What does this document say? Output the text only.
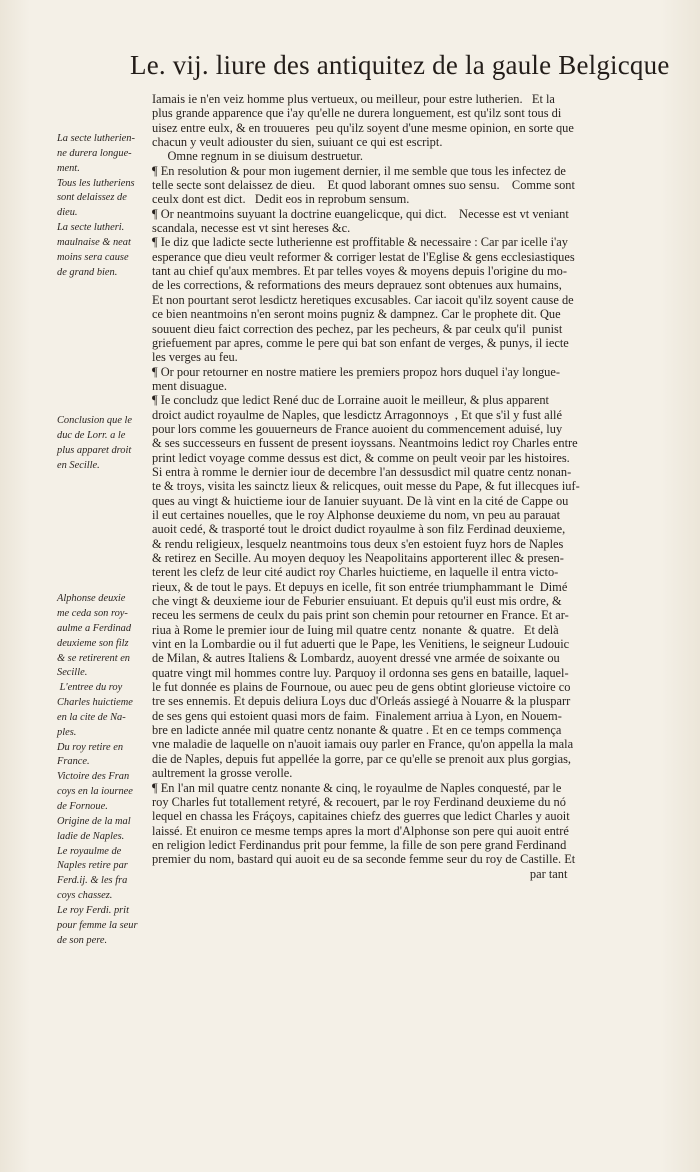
Le. vij. liure des antiquitez de la gaule Belgicque
La secte lutherien-
ne durera longue-
ment.
Tous les lutheriens
sont delaissez de
dieu.
La secte lutheri.
maulnaise & neat
moins sera cause
de grand bien.

Conclusion que le
duc de Lorr. a le
plus apparet droit
en Secille.

Alphonse deuxie
me ceda son roy-
aulme a Ferdinad
deuxieme son filz
& se retirerent en
Secille.
L'entree du roy
Charles huictieme
en la cite de Na-
ples.
Du roy retire en
France.
Victoire des Fran
coys en la iournee
de Fornoue.
Origine de la mal
ladie de Naples.
Le royaulme de
Naples retire par
Ferd.ij. & les fra
coys chassez.
Le roy Ferdi. prit
pour femme la seur
de son pere.
Iamais ie n'en veiz homme plus vertueux, ou meilleur, pour estre lutherien.   Et la
plus grande apparence que i'ay qu'elle ne durera longuement, est qu'ilz sont tous di
uisez entre eulx, & en trouueres  peu qu'ilz soyent d'une mesme opinion, en sorte que
chacun y veult adiouster du sien, suiuant ce qui est escript.
Omne regnum in se diuisum destruetur.
¶ En resolution & pour mon iugement dernier, il me semble que tous les infectez de
telle secte sont delaissez de dieu.    Et quod laborant omnes suo sensu.    Comme sont
ceulx dont est dict.   Dedit eos in reprobum sensum.
¶ Or neantmoins suyuant la doctrine euangelicque, qui dict.    Necesse est vt veniant
scandala, necesse est vt sint hereses &c.
¶ Ie diz que ladicte secte lutherienne est proffitable & necessaire : Car par icelle i'ay
esperance que dieu veult reformer & corriger lestat de l'Eglise & gens ecclesiastiques
tant au chief qu'aux membres. Et par telles voyes & moyens depuis l'origine du mo-
de les corrections, & reformations des meurs deprauez sont obtenues aux humains,
Et non pourtant serot lesdictz heretiques excusables. Car iacoit qu'ilz soyent cause de
ce bien neantmoins n'en seront moins pugniz & dampnez. Car le prophete dit. Que
souuent dieu faict correction des pechez, par les pecheurs, & par ceulx qu'il  punist
griefuement par apres, comme le pere qui bat son enfant de verges, & punys, il iecte
les verges au feu.
¶ Or pour retourner en nostre matiere les premiers propoz hors duquel i'ay longue-
ment disuague.
¶ Ie concludz que ledict René duc de Lorraine auoit le meilleur, & plus apparent
droict audict royaulme de Naples, que lesdictz Arragonnoys  , Et que s'il y fust allé
pour lors comme les gouuerneurs de France auoient du commencement aduisé, luy
& ses successeurs en fussent de present ioyssans. Neantmoins ledict roy Charles entre
print ledict voyage comme dessus est dict, & comme on peult veoir par les histoires.
Si entra à romme le dernier iour de decembre l'an dessusdict mil quatre centz nonan-
te & troys, visita les sainctz lieux & relicques, ouit messe du Pape, & fut illecques iuf-
ques au vingt & huictieme iour de Ianuier suyuant. De là vint en la cité de Cappe ou
il eut certaines nouelles, que le roy Alphonse deuxieme du nom, vn peu au parauat
auoit cedé, & trasporté tout le droict dudict royaulme à son filz Ferdinad deuxieme,
& rendu religieux, lesquelz neantmoins tous deux s'en estoient fuyz hors de Naples
& retirez en Secille. Au moyen dequoy les Neapolitains apporterent illec & presen-
terent les clefz de leur cité audict roy Charles huictieme, en laquelle il entra victo-
rieux, & de tout le pays. Et depuys en icelle, fit son entrée triumphammant le  Dimé
che vingt & deuxieme iour de Feburier ensuiuant. Et depuis qu'il eust mis ordre, &
receu les sermens de ceulx du pais print son chemin pour retourner en France. Et ar-
riua à Rome le premier iour de Iuing mil quatre centz  nonante  & quatre.   Et delà
vint en la Lombardie ou il fut aduerti que le Pape, les Venitiens, le seigneur Ludouic
de Milan, & autres Italiens & Lombardz, auoyent dressé vne armée de soixante ou
quatre vingt mil hommes contre luy. Parquoy il ordonna ses gens en bataille, laquel-
le fut donnée es plains de Fournoue, ou auec peu de gens obtint glorieuse victoire co
tre ses ennemis. Et depuis deliura Loys duc d'Orleás assiegé à Nouarre & la plusparr
de ses gens qui estoient quasi mors de faim.  Finalement arriua à Lyon, en Nouem-
bre en ladicte année mil quatre centz nonante & quatre . Et en ce temps commença
vne maladie de laquelle on n'auoit iamais ouy parler en France, qu'on appella la mala
die de Naples, depuis fut appellée la gorre, par ce qu'elle se prenoit aux plus gorgias,
aultrement la grosse verolle.
¶ En l'an mil quatre centz nonante & cinq, le royaulme de Naples conquesté, par le
roy Charles fut totallement retyré, & recouert, par le roy Ferdinand deuxieme du nó
lequel en chassa les Fráçoys, capitaines chiefz des guerres que ledict Charles y auoit
laissé. Et enuiron ce mesme temps apres la mort d'Alphonse son pere qui auoit entré
en religion ledict Ferdinandus prit pour femme, la fille de son pere grand Ferdinand
premier du nom, bastard qui auoit eu de sa seconde femme seur du roy de Castille. Et
par tant
